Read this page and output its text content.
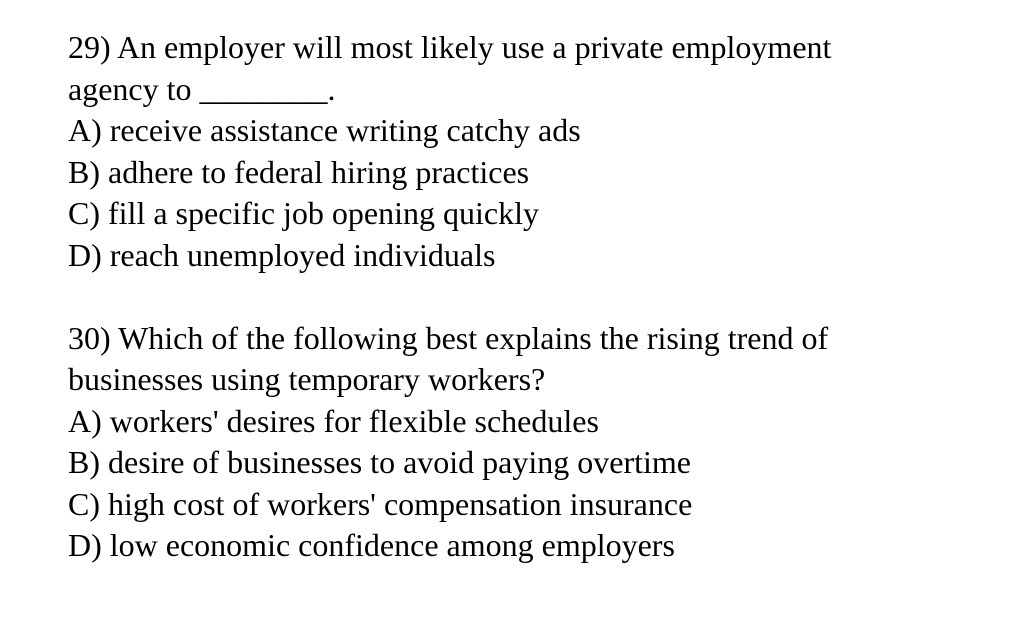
29) An employer will most likely use a private employment
agency to ________.
A) receive assistance writing catchy ads
B) adhere to federal hiring practices
C) fill a specific job opening quickly
D) reach unemployed individuals
30) Which of the following best explains the rising trend of
businesses using temporary workers?
A) workers' desires for flexible schedules
B) desire of businesses to avoid paying overtime
C) high cost of workers' compensation insurance
D) low economic confidence among employers
